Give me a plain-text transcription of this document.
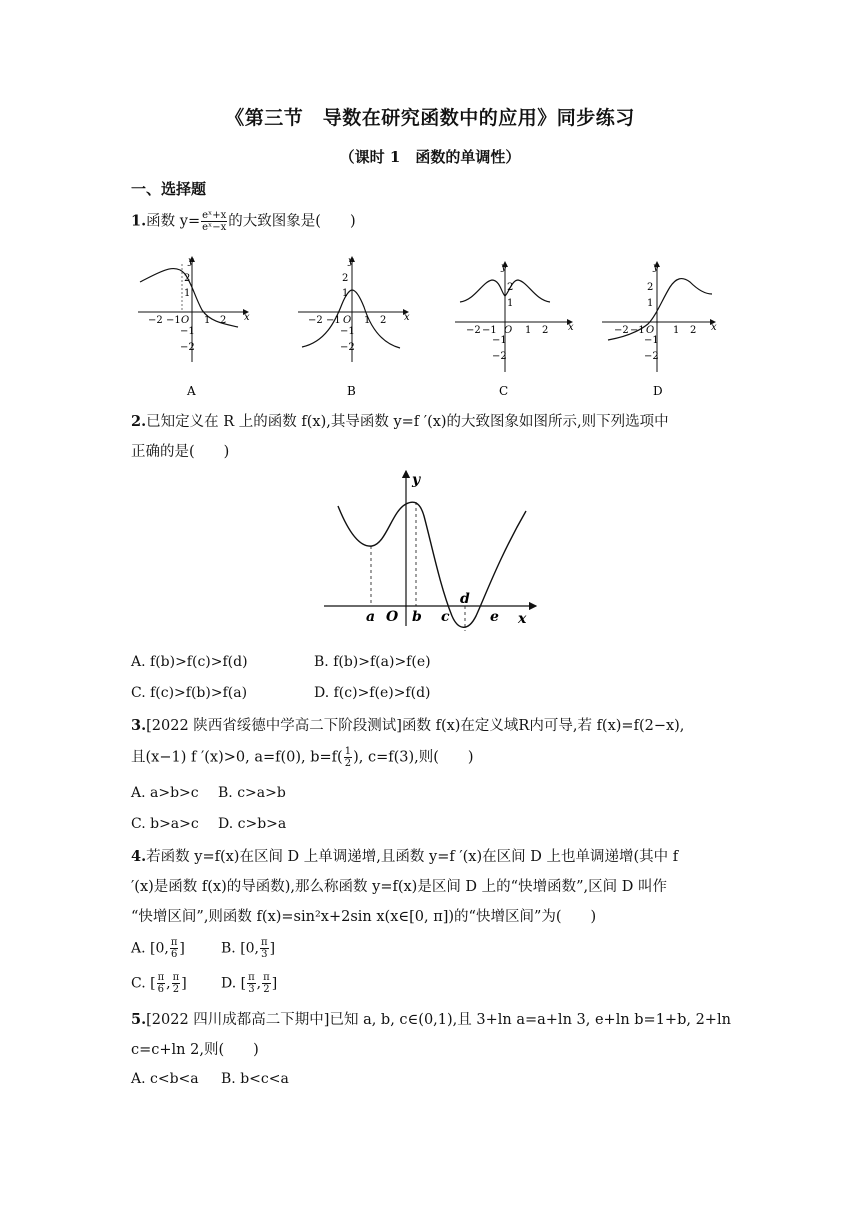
《第三节　导数在研究函数中的应用》同步练习
（课时 1　函数的单调性）
一、选择题
1.函数 $y= \frac{\text{eˣ+x}}{\text{eˣ−x}}$ 的大致图象是(　　)
y
x
2
1
−1
−2
−2 −1 O 1 2
A
y
x
2
1
−1
−2
−2 −1 O 1 2
B
y
x
2
1
−1
−2
−2 −1 O 1 2
C
y
x
2
1
−1
−2
−2 −1 O 1 2
D
2.已知定义在 R 上的函数 f(x),其导函数 y=f ′(x)的大致图象如图所示,则下列选项中
正确的是(　　)
y
x
a O b c
d
e
A. f(b)>f(c)>f(d)	B. f(b)>f(a)>f(e)
C. f(c)>f(b)>f(a)	D. f(c)>f(e)>f(d)
3.[2022 陕西省绥德中学高二下阶段测试]函数 f(x)在定义域R内可导,若 f(x)=f(2−x),
且(x−1) f ′(x)>0, a=f(0), $b=f( \frac{1}{2}$ ), c=f(3),则(　　)
A. a>b>c B. c>a>b
C. b>a>c D. c>b>a
4.若函数 y=f(x)在区间 D 上单调递增,且函数 y=f ′(x)在区间 D 上也单调递增(其中 f
′(x)是函数 f(x)的导函数),那么称函数 y=f(x)是区间 D 上的“快增函数”,区间 D 叫作
“快增区间”,则函数 f(x)=sin²x+2sin x(x∈[0, π])的“快增区间”为(　　)
A. [0, $\frac{\pi}{6}$ ]	B. [0, $\frac{\pi}{3}$ ]
C. [ $\frac{\pi}{6}$ , $\frac{\pi}{2}$ ] D. [ $\frac{\pi}{3}$ , $\frac{\pi}{2}$ ]
5.[2022 四川成都高二下期中]已知 a, b, c∈(0,1),且 3+ln a=a+ln 3, e+ln b=1+b, 2+ln
c=c+ln 2,则(　　)
A. c<b<a B. b<c<a
